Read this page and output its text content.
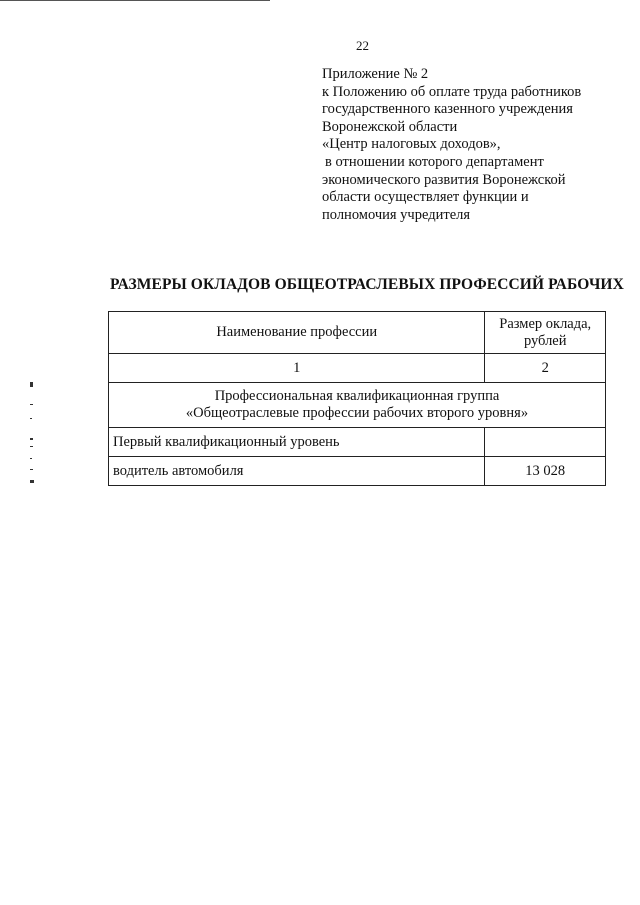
22
Приложение № 2
к Положению об оплате труда работников
государственного казенного учреждения
Воронежской области
«Центр налоговых доходов»,
в отношении которого департамент
экономического развития Воронежской
области осуществляет функции и
полномочия учредителя
РАЗМЕРЫ ОКЛАДОВ ОБЩЕОТРАСЛЕВЫХ ПРОФЕССИЙ РАБОЧИХ
Наименование профессии	Размер оклада,
рублей
1	2
Профессиональная квалификационная группа
«Общеотраслевые профессии рабочих второго уровня»	
Первый квалификационный уровень	
водитель автомобиля	13 028
